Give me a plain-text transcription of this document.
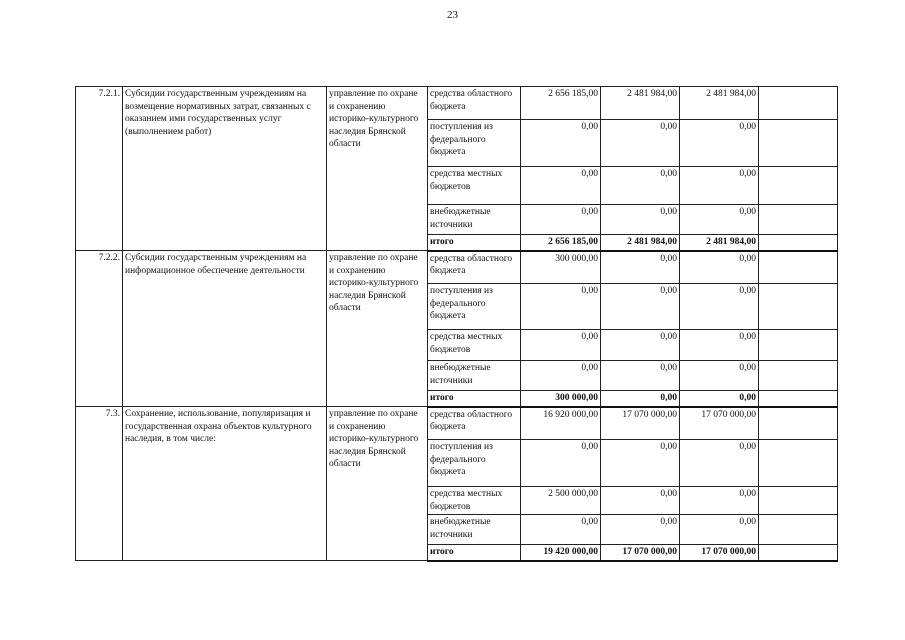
23
7.2.1.	Субсидии государственным учреждениям на возмещение нормативных затрат, связанных с оказанием ими государственных услуг (выполнением работ)	управление по охране и сохранению историко-культурного наследия Брянской области	средства областного бюджета	2 656 185,00	2 481 984,00	2 481 984,00	
			поступления из федерального бюджета	0,00	0,00	0,00	
			средства местных бюджетов	0,00	0,00	0,00	
			внебюджетные источники	0,00	0,00	0,00	
			итого	2 656 185,00	2 481 984,00	2 481 984,00	
7.2.2.	Субсидии государственным учреждениям на информационное обеспечение деятельности	управление по охране и сохранению историко-культурного наследия Брянской области	средства областного бюджета	300 000,00	0,00	0,00	
			поступления из федерального бюджета	0,00	0,00	0,00	
			средства местных бюджетов	0,00	0,00	0,00	
			внебюджетные источники	0,00	0,00	0,00	
			итого	300 000,00	0,00	0,00	
7.3.	Сохранение, использование, популяризация и государственная охрана объектов культурного наследия, в том числе:	управление по охране и сохранению историко-культурного наследия Брянской области	средства областного бюджета	16 920 000,00	17 070 000,00	17 070 000,00	
			поступления из федерального бюджета	0,00	0,00	0,00	
			средства местных бюджетов	2 500 000,00	0,00	0,00	
			внебюджетные источники	0,00	0,00	0,00	
			итого	19 420 000,00	17 070 000,00	17 070 000,00	
